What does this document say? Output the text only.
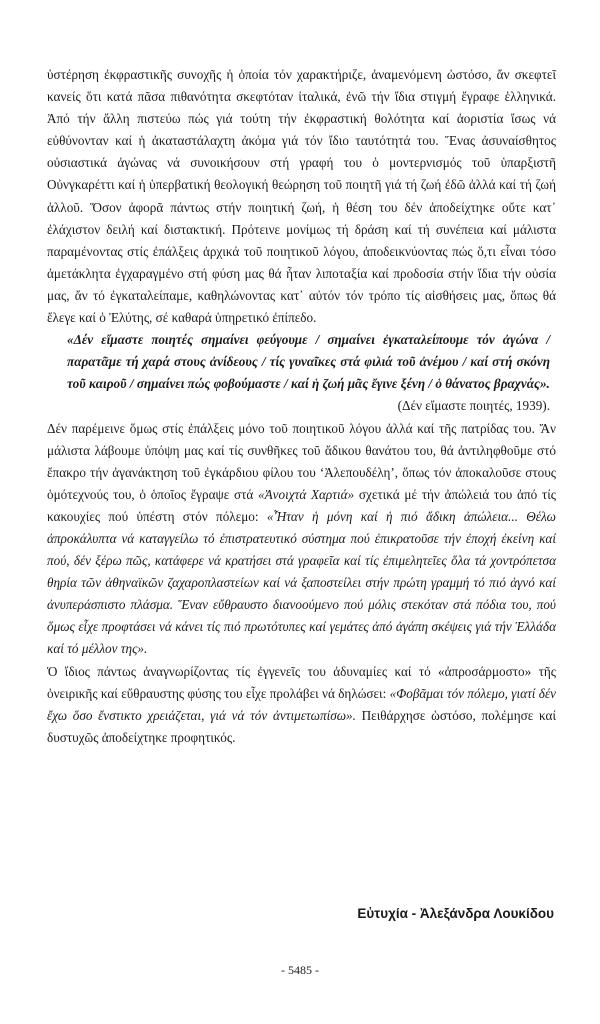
ὑστέρηση ἐκφραστικῆς συνοχῆς ἡ ὁποία τόν χαρακτήριζε, ἀναμενόμενη ὡστόσο, ἄν σκεφτεῖ κανείς ὅτι κατά πᾶσα πιθανότητα σκεφτόταν ἰταλικά, ἐνῶ τήν ἴδια στιγμή ἔγραφε ἑλληνικά. Ἀπό τήν ἄλλη πιστεύω πώς γιά τούτη τήν ἐκφραστική θολότητα καί ἀοριστία ἴσως νά εὐθύνονταν καί ἡ ἀκαταστάλαχτη ἀκόμα γιά τόν ἴδιο ταυτότητά του. Ἕνας ἀσυναίσθητος οὐσιαστικά ἀγώνας νά συνοικήσουν στή γραφή του ὁ μοντερνισμός τοῦ ὑπαρξιστῆ Οὐνγκαρέττι καί ἡ ὑπερβατική θεολογική θεώρηση τοῦ ποιητῆ γιά τή ζωή ἐδῶ ἀλλά καί τή ζωή ἀλλοῦ. Ὅσον ἀφορᾶ πάντως στήν ποιητική ζωή, ἡ θέση του δέν ἀποδείχτηκε οὔτε κατ᾽ ἐλάχιστον δειλή καί διστακτική. Πρότεινε μονίμως τή δράση καί τή συνέπεια καί μάλιστα παραμένοντας στίς ἐπάλξεις ἀρχικά τοῦ ποιητικοῦ λόγου, ἀποδεικνύοντας πώς ὅ,τι εἶναι τόσο ἀμετάκλητα ἐγχαραγμένο στή φύση μας θά ἦταν λιποταξία καί προδοσία στήν ἴδια τήν οὐσία μας, ἄν τό ἐγκαταλείπαμε, καθηλώνοντας κατ᾽ αὐτόν τόν τρόπο τίς αἰσθήσεις μας, ὅπως θά ἔλεγε καί ὁ Ἐλύτης, σέ καθαρά ὑπηρετικό ἐπίπεδο.

«Δέν εἴμαστε ποιητές σημαίνει φεύγουμε / σημαίνει ἐγκαταλείπουμε τόν ἀγώνα / παρατᾶμε τή χαρά στους ἀνίδεους / τίς γυναῖκες στά φιλιά τοῦ ἀνέμου / καί στή σκόνη τοῦ καιροῦ / σημαίνει πώς φοβούμαστε / καί ἡ ζωή μᾶς ἔγινε ξένη / ὁ θάνατος βραχνάς».
(Δέν εἴμαστε ποιητές, 1939).

Δέν παρέμεινε ὅμως στίς ἐπάλξεις μόνο τοῦ ποιητικοῦ λόγου ἀλλά καί τῆς πατρίδας του. Ἄν μάλιστα λάβουμε ὑπόψη μας καί τίς συνθῆκες τοῦ ἄδικου θανάτου του, θά ἀντιληφθοῦμε στό ἔπακρο τήν ἀγανάκτηση τοῦ ἐγκάρδιου φίλου του ‘Ἀλεπουδέλη’, ὅπως τόν ἀποκαλοῦσε στους ὁμότεχνούς του, ὁ ὁποῖος ἔγραψε στά «Ἀνοιχτά Χαρτιά» σχετικά μέ τήν ἀπώλειά του ἀπό τίς κακουχίες πού ὑπέστη στόν πόλεμο: «Ἦταν ἡ μόνη καί ἡ πιό ἄδικη ἀπώλεια... Θέλω ἀπροκάλυπτα νά καταγγείλω τό ἐπιστρατευτικό σύστημα πού ἐπικρατοῦσε τήν ἐποχή ἐκείνη καί πού, δέν ξέρω πῶς, κατάφερε νά κρατήσει στά γραφεῖα καί τίς ἐπιμελητεῖες ὅλα τά χοντρόπετσα θηρία τῶν ἀθηναϊκῶν ζαχαροπλαστείων καί νά ξαποστείλει στήν πρώτη γραμμή τό πιό ἁγνό καί ἀνυπεράσπιστο πλάσμα. Ἕναν εὔθραυστο διανοούμενο πού μόλις στεκόταν στά πόδια του, πού ὅμως εἶχε προφτάσει νά κάνει τίς πιό πρωτότυπες καί γεμάτες ἀπό ἀγάπη σκέψεις γιά τήν Ἑλλάδα καί τό μέλλον της».

Ὁ ἴδιος πάντως ἀναγνωρίζοντας τίς ἐγγενεῖς του ἀδυναμίες καί τό «ἀπροσάρμοστο» τῆς ὀνειρικῆς καί εὔθραυστης φύσης του εἶχε προλάβει νά δηλώσει: «Φοβᾶμαι τόν πόλεμο, γιατί δέν ἔχω ὅσο ἔνστικτο χρειάζεται, γιά νά τόν ἀντιμετωπίσω». Πειθάρχησε ὡστόσο, πολέμησε καί δυστυχῶς ἀποδείχτηκε προφητικός.

Εὐτυχία - Ἀλεξάνδρα Λουκίδου
- 5485 -
